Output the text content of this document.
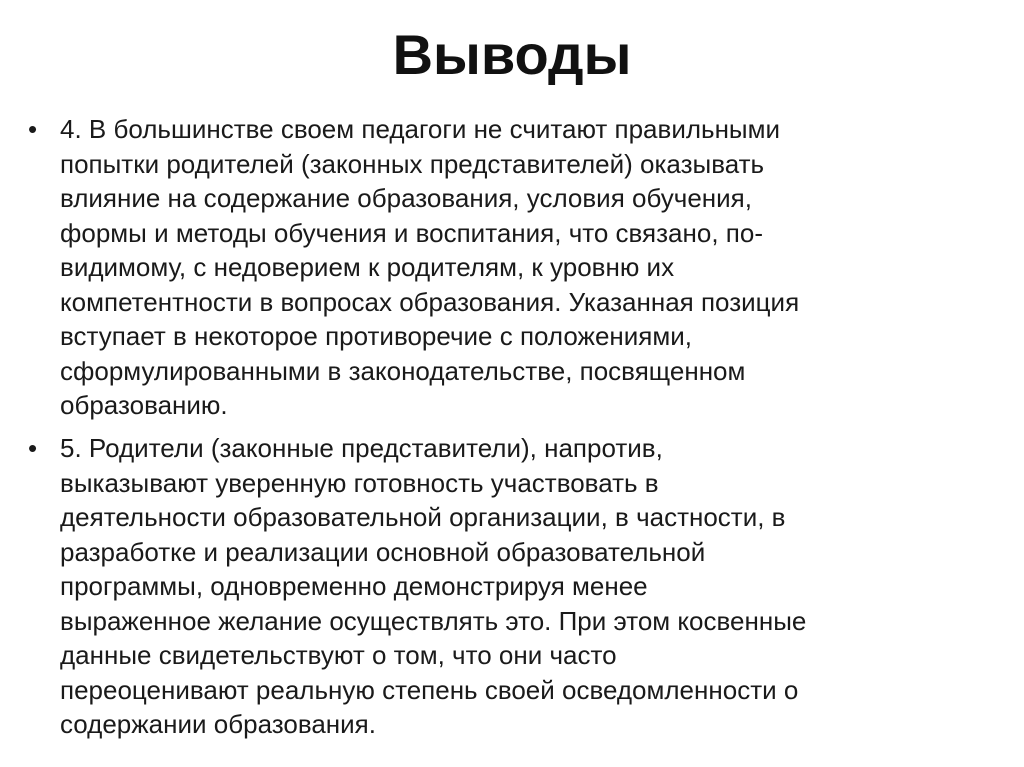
Выводы
• 4. В большинстве своем педагоги не считают правильными
попытки родителей (законных представителей) оказывать
влияние на содержание образования, условия обучения,
формы и методы обучения и воспитания, что связано, по-
видимому, с недоверием к родителям, к уровню их
компетентности в вопросах образования. Указанная позиция
вступает в некоторое противоречие с положениями,
сформулированными в законодательстве, посвященном
образованию.
• 5. Родители (законные представители), напротив,
выказывают уверенную готовность участвовать в
деятельности образовательной организации, в частности, в
разработке и реализации основной образовательной
программы, одновременно демонстрируя менее
выраженное желание осуществлять это. При этом косвенные
данные свидетельствуют о том, что они часто
переоценивают реальную степень своей осведомленности о
содержании образования.
